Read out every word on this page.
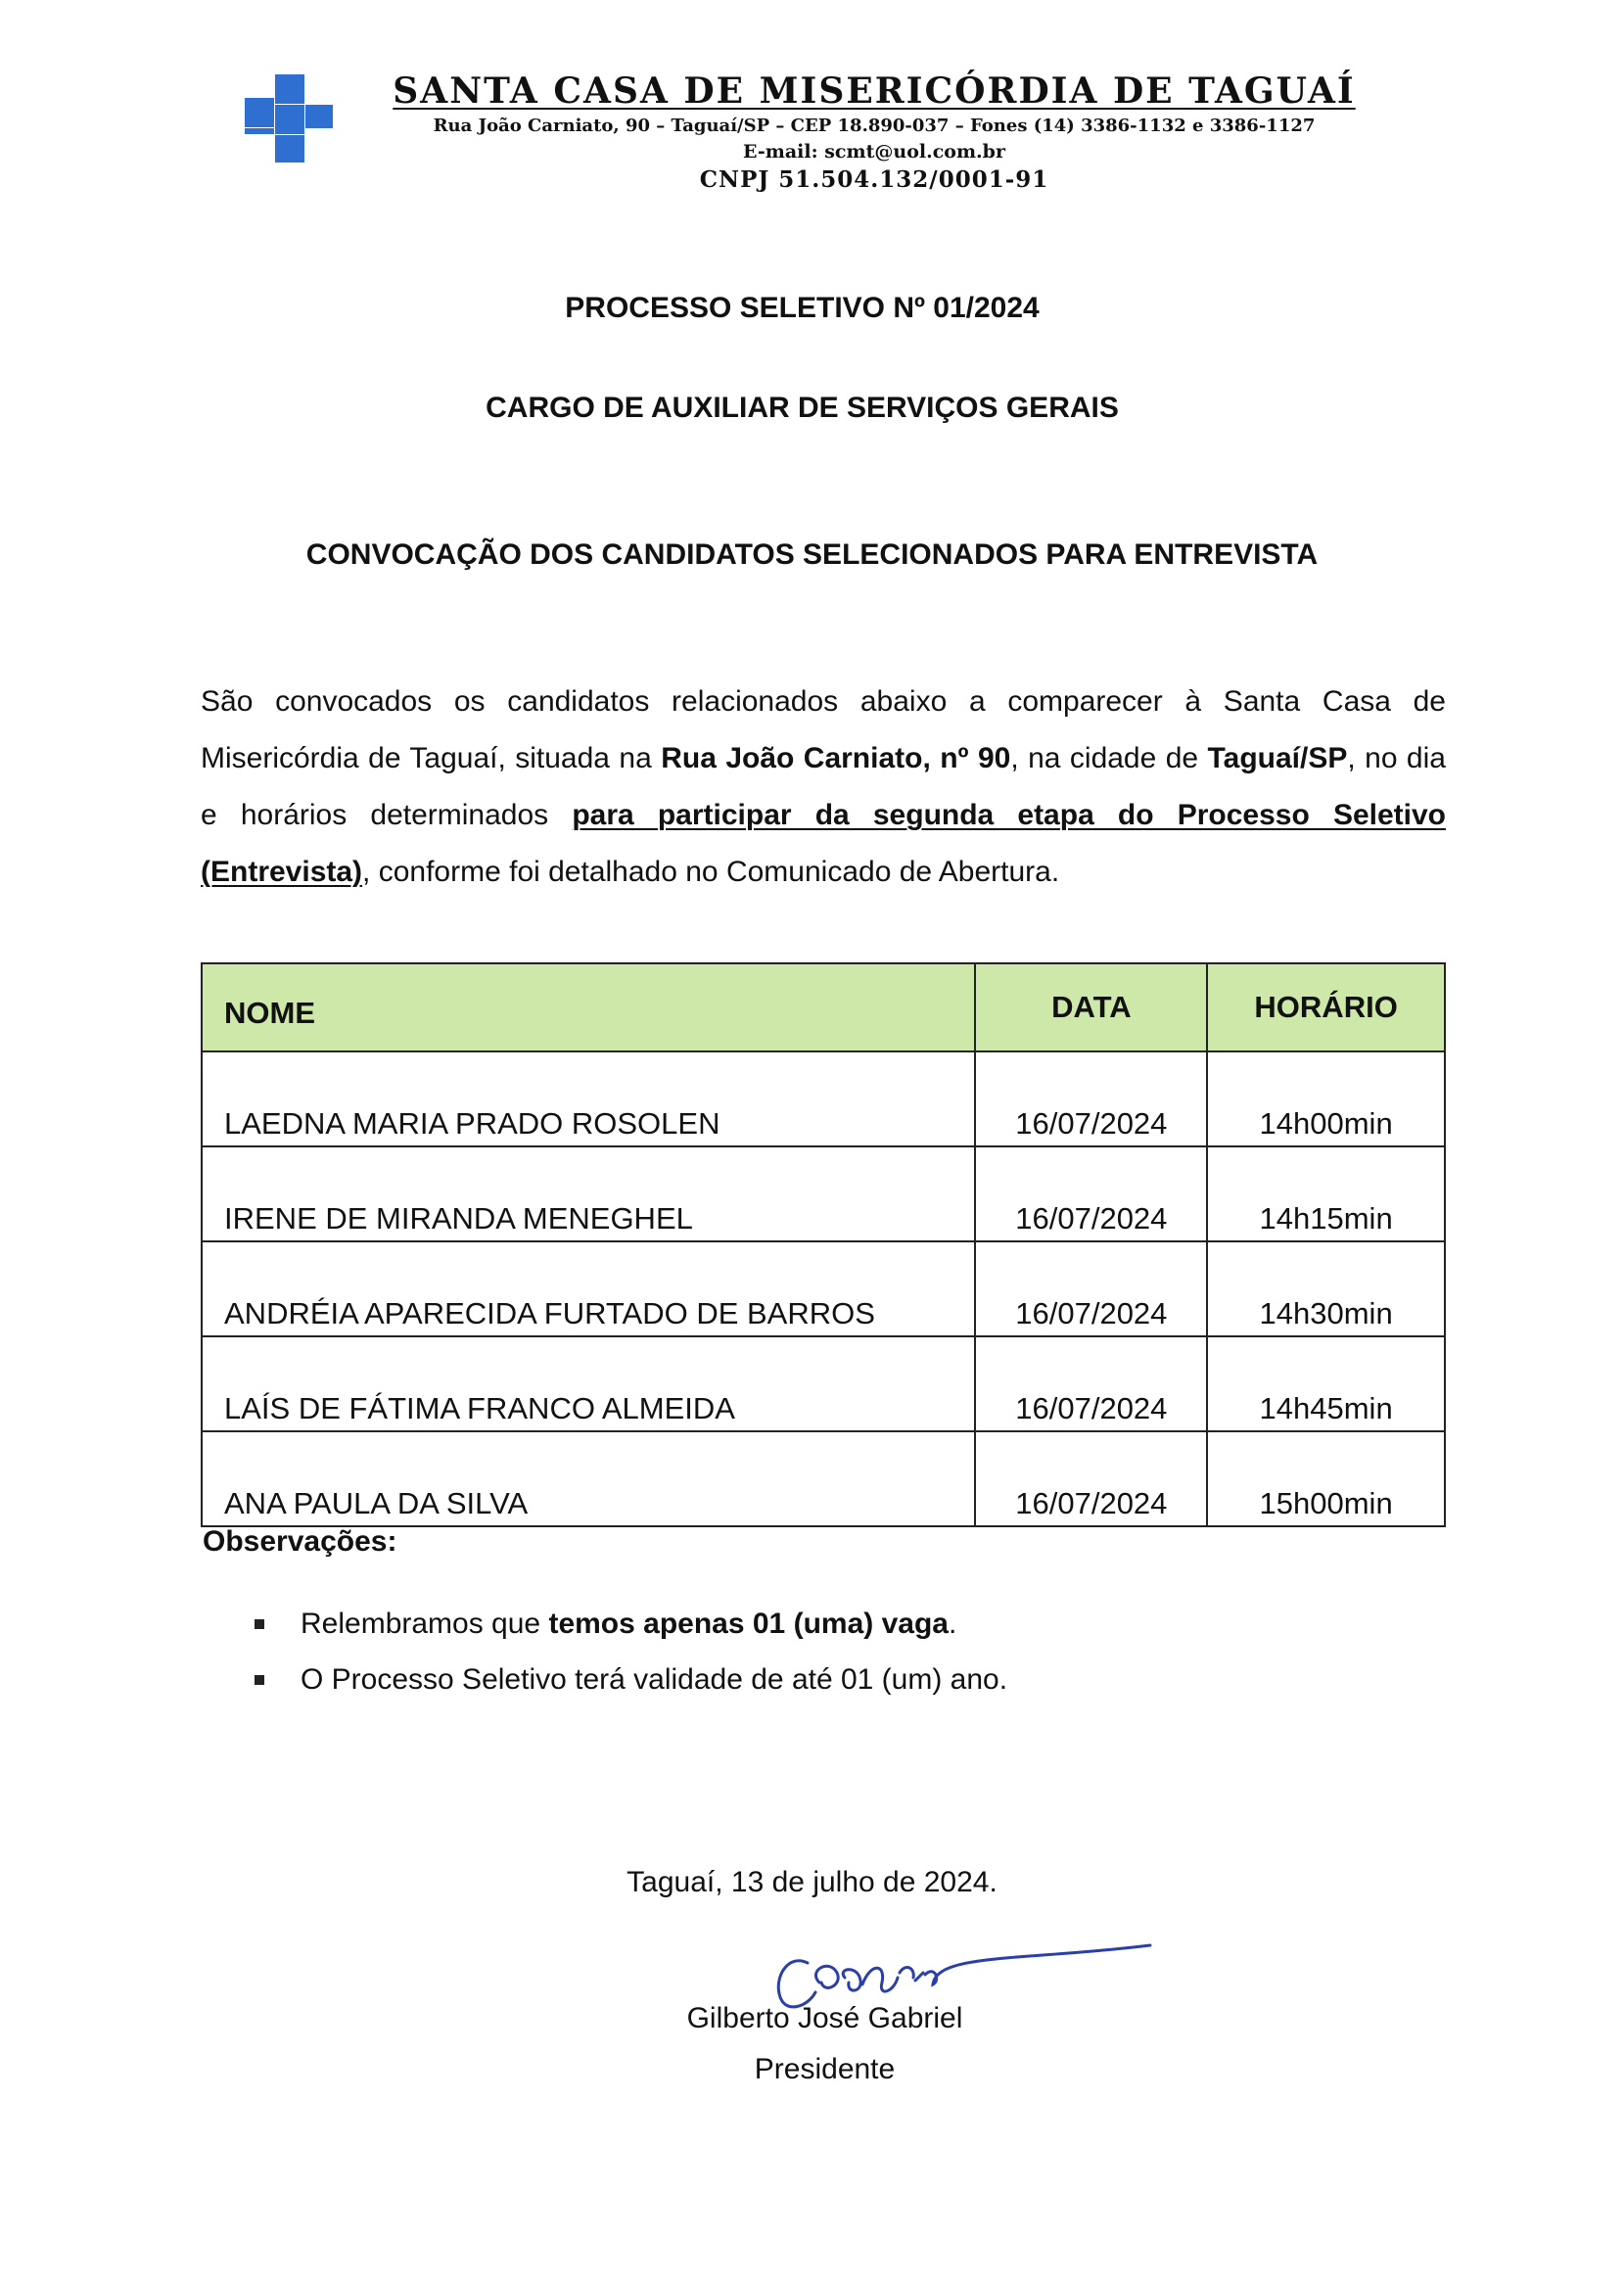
SANTA CASA DE MISERICÓRDIA DE TAGUAÍ
Rua João Carniato, 90 – Taguaí/SP – CEP 18.890-037 – Fones (14) 3386-1132 e 3386-1127
E-mail: scmt@uol.com.br
CNPJ 51.504.132/0001-91
PROCESSO SELETIVO Nº 01/2024
CARGO DE AUXILIAR DE SERVIÇOS GERAIS
CONVOCAÇÃO DOS CANDIDATOS SELECIONADOS PARA ENTREVISTA
São convocados os candidatos relacionados abaixo a comparecer à Santa Casa de Misericórdia de Taguaí, situada na Rua João Carniato, nº 90, na cidade de Taguaí/SP, no dia e horários determinados para participar da segunda etapa do Processo Seletivo (Entrevista), conforme foi detalhado no Comunicado de Abertura.
NOME	DATA	HORÁRIO
LAEDNA MARIA PRADO ROSOLEN	16/07/2024	14h00min
IRENE DE MIRANDA MENEGHEL	16/07/2024	14h15min
ANDRÉIA APARECIDA FURTADO DE BARROS	16/07/2024	14h30min
LAÍS DE FÁTIMA FRANCO ALMEIDA	16/07/2024	14h45min
ANA PAULA DA SILVA	16/07/2024	15h00min
Observações:
Relembramos que temos apenas 01 (uma) vaga.
O Processo Seletivo terá validade de até 01 (um) ano.
Taguaí, 13 de julho de 2024.
Gilberto José Gabriel
Presidente
